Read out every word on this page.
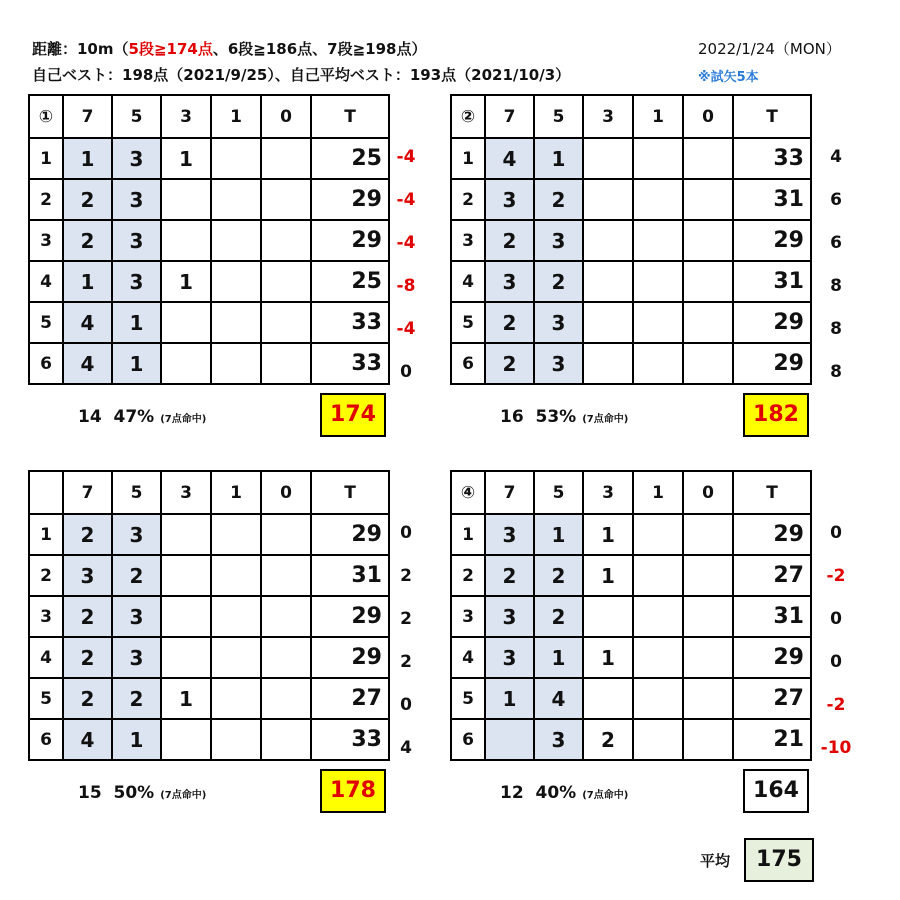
距離：10m（5段≧174点、6段≧186点、7段≧198点）
自己ベスト：198点（2021/9/25）、自己平均ベスト：193点（2021/10/3）
2022/1/24（MON）
※試矢5本
-4
-4
-4
-8
-4
0
①	7	5	3	1	0	T
1	1	3	1			25
2	2	3				29
3	2	3				29
4	1	3	1			25
5	4	1				33
6	4	1				33
14 47% (7点命中)	174
4
6
6
8
8
8
②	7	5	3	1	0	T
1	4	1				33
2	3	2				31
3	2	3				29
4	3	2				31
5	2	3				29
6	2	3				29
16 53% (7点命中)	182
0
2
2
2
0
4
	7	5	3	1	0	T
1	2	3				29
2	3	2				31
3	2	3				29
4	2	3				29
5	2	2	1			27
6	4	1				33
15 50% (7点命中)	178
0
-2
0
0
-2
-10
④	7	5	3	1	0	T
1	3	1	1			29
2	2	2	1			27
3	3	2				31
4	3	1	1			29
5	1	4				27
6		3	2			21
12 40% (7点命中)	164
平均	175
